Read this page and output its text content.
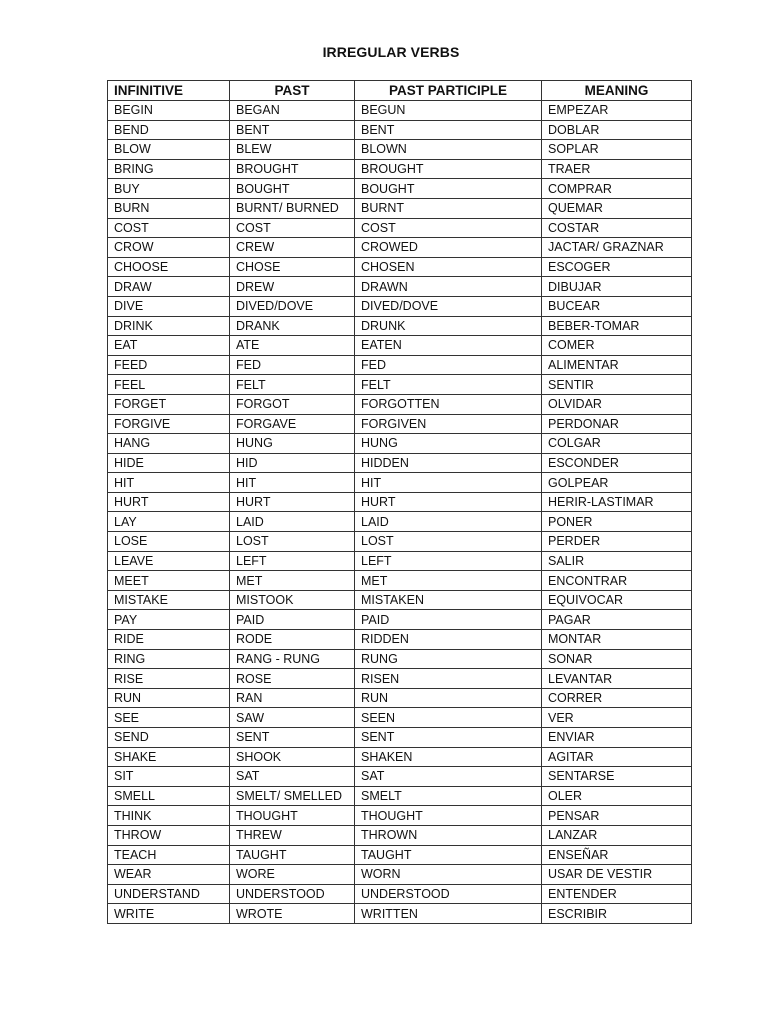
IRREGULAR VERBS
INFINITIVE	PAST	PAST PARTICIPLE	MEANING
BEGIN	BEGAN	BEGUN	EMPEZAR
BEND	BENT	BENT	DOBLAR
BLOW	BLEW	BLOWN	SOPLAR
BRING	BROUGHT	BROUGHT	TRAER
BUY	BOUGHT	BOUGHT	COMPRAR
BURN	BURNT/ BURNED	BURNT	QUEMAR
COST	COST	COST	COSTAR
CROW	CREW	CROWED	JACTAR/ GRAZNAR
CHOOSE	CHOSE	CHOSEN	ESCOGER
DRAW	DREW	DRAWN	DIBUJAR
DIVE	DIVED/DOVE	DIVED/DOVE	BUCEAR
DRINK	DRANK	DRUNK	BEBER-TOMAR
EAT	ATE	EATEN	COMER
FEED	FED	FED	ALIMENTAR
FEEL	FELT	FELT	SENTIR
FORGET	FORGOT	FORGOTTEN	OLVIDAR
FORGIVE	FORGAVE	FORGIVEN	PERDONAR
HANG	HUNG	HUNG	COLGAR
HIDE	HID	HIDDEN	ESCONDER
HIT	HIT	HIT	GOLPEAR
HURT	HURT	HURT	HERIR-LASTIMAR
LAY	LAID	LAID	PONER
LOSE	LOST	LOST	PERDER
LEAVE	LEFT	LEFT	SALIR
MEET	MET	MET	ENCONTRAR
MISTAKE	MISTOOK	MISTAKEN	EQUIVOCAR
PAY	PAID	PAID	PAGAR
RIDE	RODE	RIDDEN	MONTAR
RING	RANG - RUNG	RUNG	SONAR
RISE	ROSE	RISEN	LEVANTAR
RUN	RAN	RUN	CORRER
SEE	SAW	SEEN	VER
SEND	SENT	SENT	ENVIAR
SHAKE	SHOOK	SHAKEN	AGITAR
SIT	SAT	SAT	SENTARSE
SMELL	SMELT/ SMELLED	SMELT	OLER
THINK	THOUGHT	THOUGHT	PENSAR
THROW	THREW	THROWN	LANZAR
TEACH	TAUGHT	TAUGHT	ENSEÑAR
WEAR	WORE	WORN	USAR DE VESTIR
UNDERSTAND	UNDERSTOOD	UNDERSTOOD	ENTENDER
WRITE	WROTE	WRITTEN	ESCRIBIR
